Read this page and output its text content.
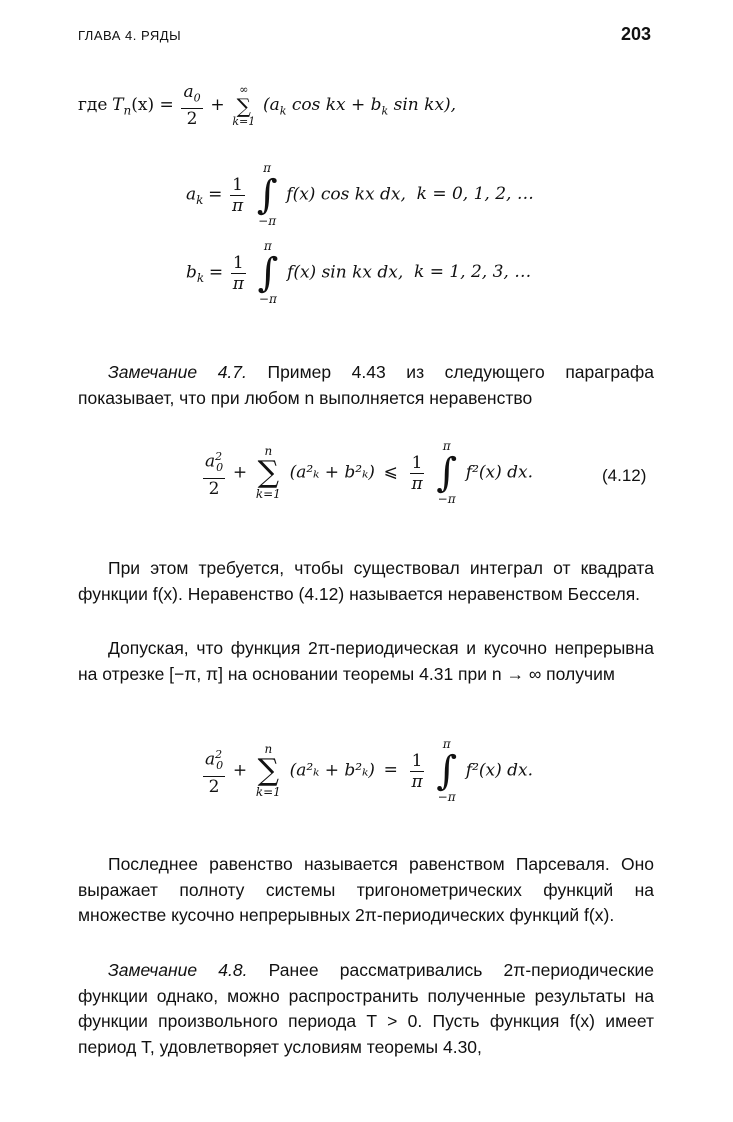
ГЛАВА 4. РЯДЫ	203
где $T_n(x) = \frac{a_0}{2}$ +
∞
∑
k=1
($a_k$ cos kx + $b_k$ sin kx),
$a_k = \frac{1}{\pi}$

π
∫
−π
f(x) cos kx dx, k = 0, 1, 2, …
$b_k = \frac{1}{\pi}$

π
∫
−π
f(x) sin kx dx, k = 1, 2, 3, …

Замечание 4.7. Пример 4.43 из следующего параграфа показывает, что при любом n выполняется неравенство

$\frac{a^2_0}{2}$ +
n
∑
k=1
(a²ₖ + b²ₖ) ⩽ $\frac{1}{\pi}$

π
∫
−π
f²(x) dx.	(4.12)

При этом требуется, чтобы существовал интеграл от квадрата функции f(x). Неравенство (4.12) называется неравенством Бесселя.

Допуская, что функция 2π-периодическая и кусочно непрерывна на отрезке [−π, π] на основании теоремы 4.31 при n → ∞ получим

$\frac{a^2_0}{2}$ +
n
∑
k=1
$(a^2_k + b^2_k) = \frac{1}{\pi}$

π
∫
−π
f²(x) dx.

Последнее равенство называется равенством Парсеваля. Оно выражает полноту системы тригонометрических функций на множестве кусочно непрерывных 2π-периодических функций f(x).

Замечание 4.8. Ранее рассматривались 2π-периодические функции однако, можно распространить полученные результаты на функции произвольного периода T > 0. Пусть функция f(x) имеет период T, удовлетворяет условиям теоремы 4.30,
